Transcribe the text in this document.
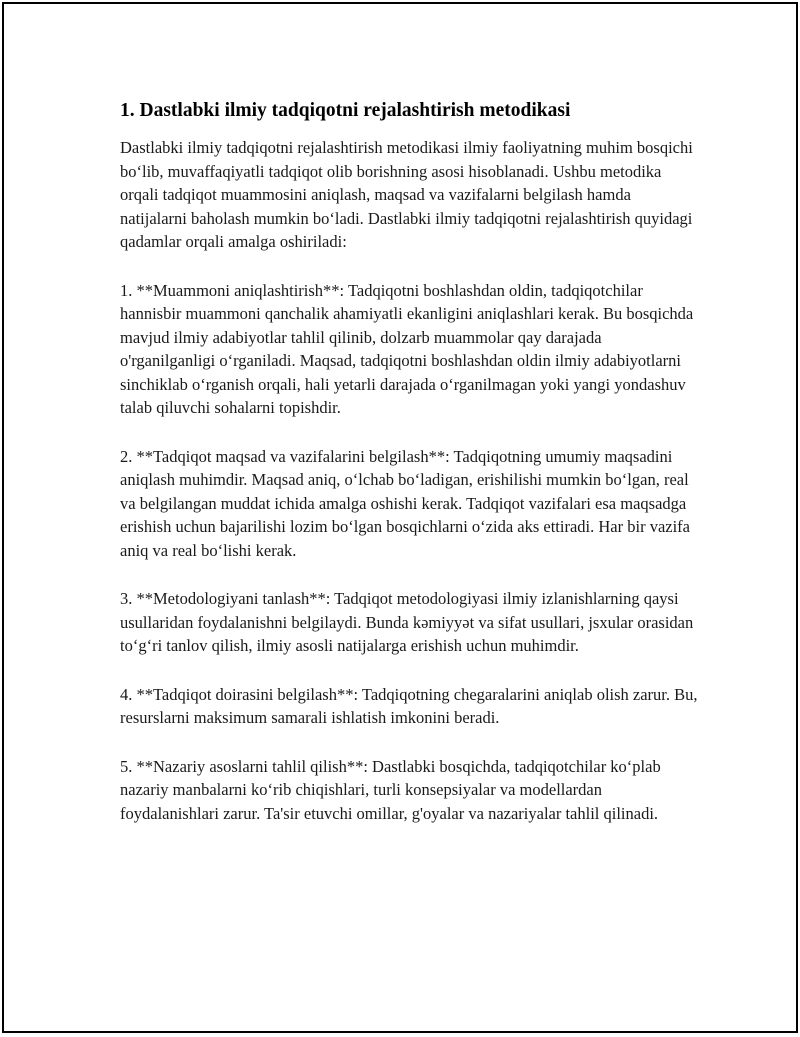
1. Dastlabki ilmiy tadqiqotni rejalashtirish metodikasi

Dastlabki ilmiy tadqiqotni rejalashtirish metodikasi ilmiy faoliyatning muhim bosqichi bo‘lib, muvaffaqiyatli tadqiqot olib borishning asosi hisoblanadi. Ushbu metodika orqali tadqiqot muammosini aniqlash, maqsad va vazifalarni belgilash hamda natijalarni baholash mumkin bo‘ladi. Dastlabki ilmiy tadqiqotni rejalashtirish quyidagi qadamlar orqali amalga oshiriladi:

1. **Muammoni aniqlashtirish**: Tadqiqotni boshlashdan oldin, tadqiqotchilar hannisbir muammoni qanchalik ahamiyatli ekanligini aniqlashlari kerak. Bu bosqichda mavjud ilmiy adabiyotlar tahlil qilinib, dolzarb muammolar qay darajada o'rganilganligi o‘rganiladi. Maqsad, tadqiqotni boshlashdan oldin ilmiy adabiyotlarni sinchiklab o‘rganish orqali, hali yetarli darajada o‘rganilmagan yoki yangi yondashuv talab qiluvchi sohalarni topishdir.

2. **Tadqiqot maqsad va vazifalarini belgilash**: Tadqiqotning umumiy maqsadini aniqlash muhimdir. Maqsad aniq, o‘lchab bo‘ladigan, erishilishi mumkin bo‘lgan, real va belgilangan muddat ichida amalga oshishi kerak. Tadqiqot vazifalari esa maqsadga erishish uchun bajarilishi lozim bo‘lgan bosqichlarni o‘zida aks ettiradi. Har bir vazifa aniq va real bo‘lishi kerak.

3. **Metodologiyani tanlash**: Tadqiqot metodologiyasi ilmiy izlanishlarning qaysi usullaridan foydalanishni belgilaydi. Bunda kəmiyyət va sifat usullari, jsxular orasidan to‘g‘ri tanlov qilish, ilmiy asosli natijalarga erishish uchun muhimdir.

4. **Tadqiqot doirasini belgilash**: Tadqiqotning chegaralarini aniqlab olish zarur. Bu, resurslarni maksimum samarali ishlatish imkonini beradi.

5. **Nazariy asoslarni tahlil qilish**: Dastlabki bosqichda, tadqiqotchilar ko‘plab nazariy manbalarni ko‘rib chiqishlari, turli konsepsiyalar va modellardan foydalanishlari zarur. Ta'sir etuvchi omillar, g'oyalar va nazariyalar tahlil qilinadi.
